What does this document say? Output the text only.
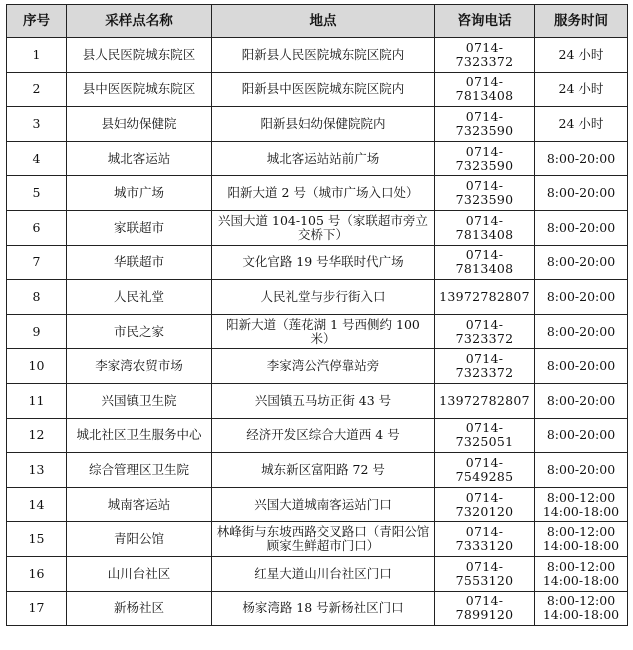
序号	采样点名称	地点	咨询电话	服务时间
1	县人民医院城东院区	阳新县人民医院城东院区院内	0714-7323372	24 小时

2	县中医医院城东院区	阳新县中医医院城东院区院内	0714-7813408	24 小时

3	县妇幼保健院	阳新县妇幼保健院院内	0714-7323590	24 小时

4	城北客运站	城北客运站站前广场	0714-7323590	8:00-20:00

5	城市广场	阳新大道 2 号（城市广场入口处）	0714-7323590	8:00-20:00

6	家联超市	兴国大道 104-105 号（家联超市旁立交桥下）	0714-7813408	8:00-20:00

7	华联超市	文化官路 19 号华联时代广场	0714-7813408	8:00-20:00

8	人民礼堂	人民礼堂与步行街入口	13972782807	8:00-20:00

9	市民之家	阳新大道（莲花湖 1 号西侧约 100 米）	0714-7323372	8:00-20:00

10	李家湾农贸市场	李家湾公汽停靠站旁	0714-7323372	8:00-20:00

11	兴国镇卫生院	兴国镇五马坊正街 43 号	13972782807	8:00-20:00

12	城北社区卫生服务中心	经济开发区综合大道西 4 号	0714-7325051	8:00-20:00

13	综合管理区卫生院	城东新区富阳路 72 号	0714-7549285	8:00-20:00

14	城南客运站	兴国大道城南客运站门口	0714-7320120	8:00-12:00
14:00-18:00

15	青阳公馆	林峰街与东坡西路交叉路口（青阳公馆顾家生鲜超市门口）	0714-7333120	8:00-12:00
14:00-18:00

16	山川台社区	红星大道山川台社区门口	0714-7553120	8:00-12:00
14:00-18:00

17	新杨社区	杨家湾路 18 号新杨社区门口	0714-7899120	8:00-12:00
14:00-18:00
